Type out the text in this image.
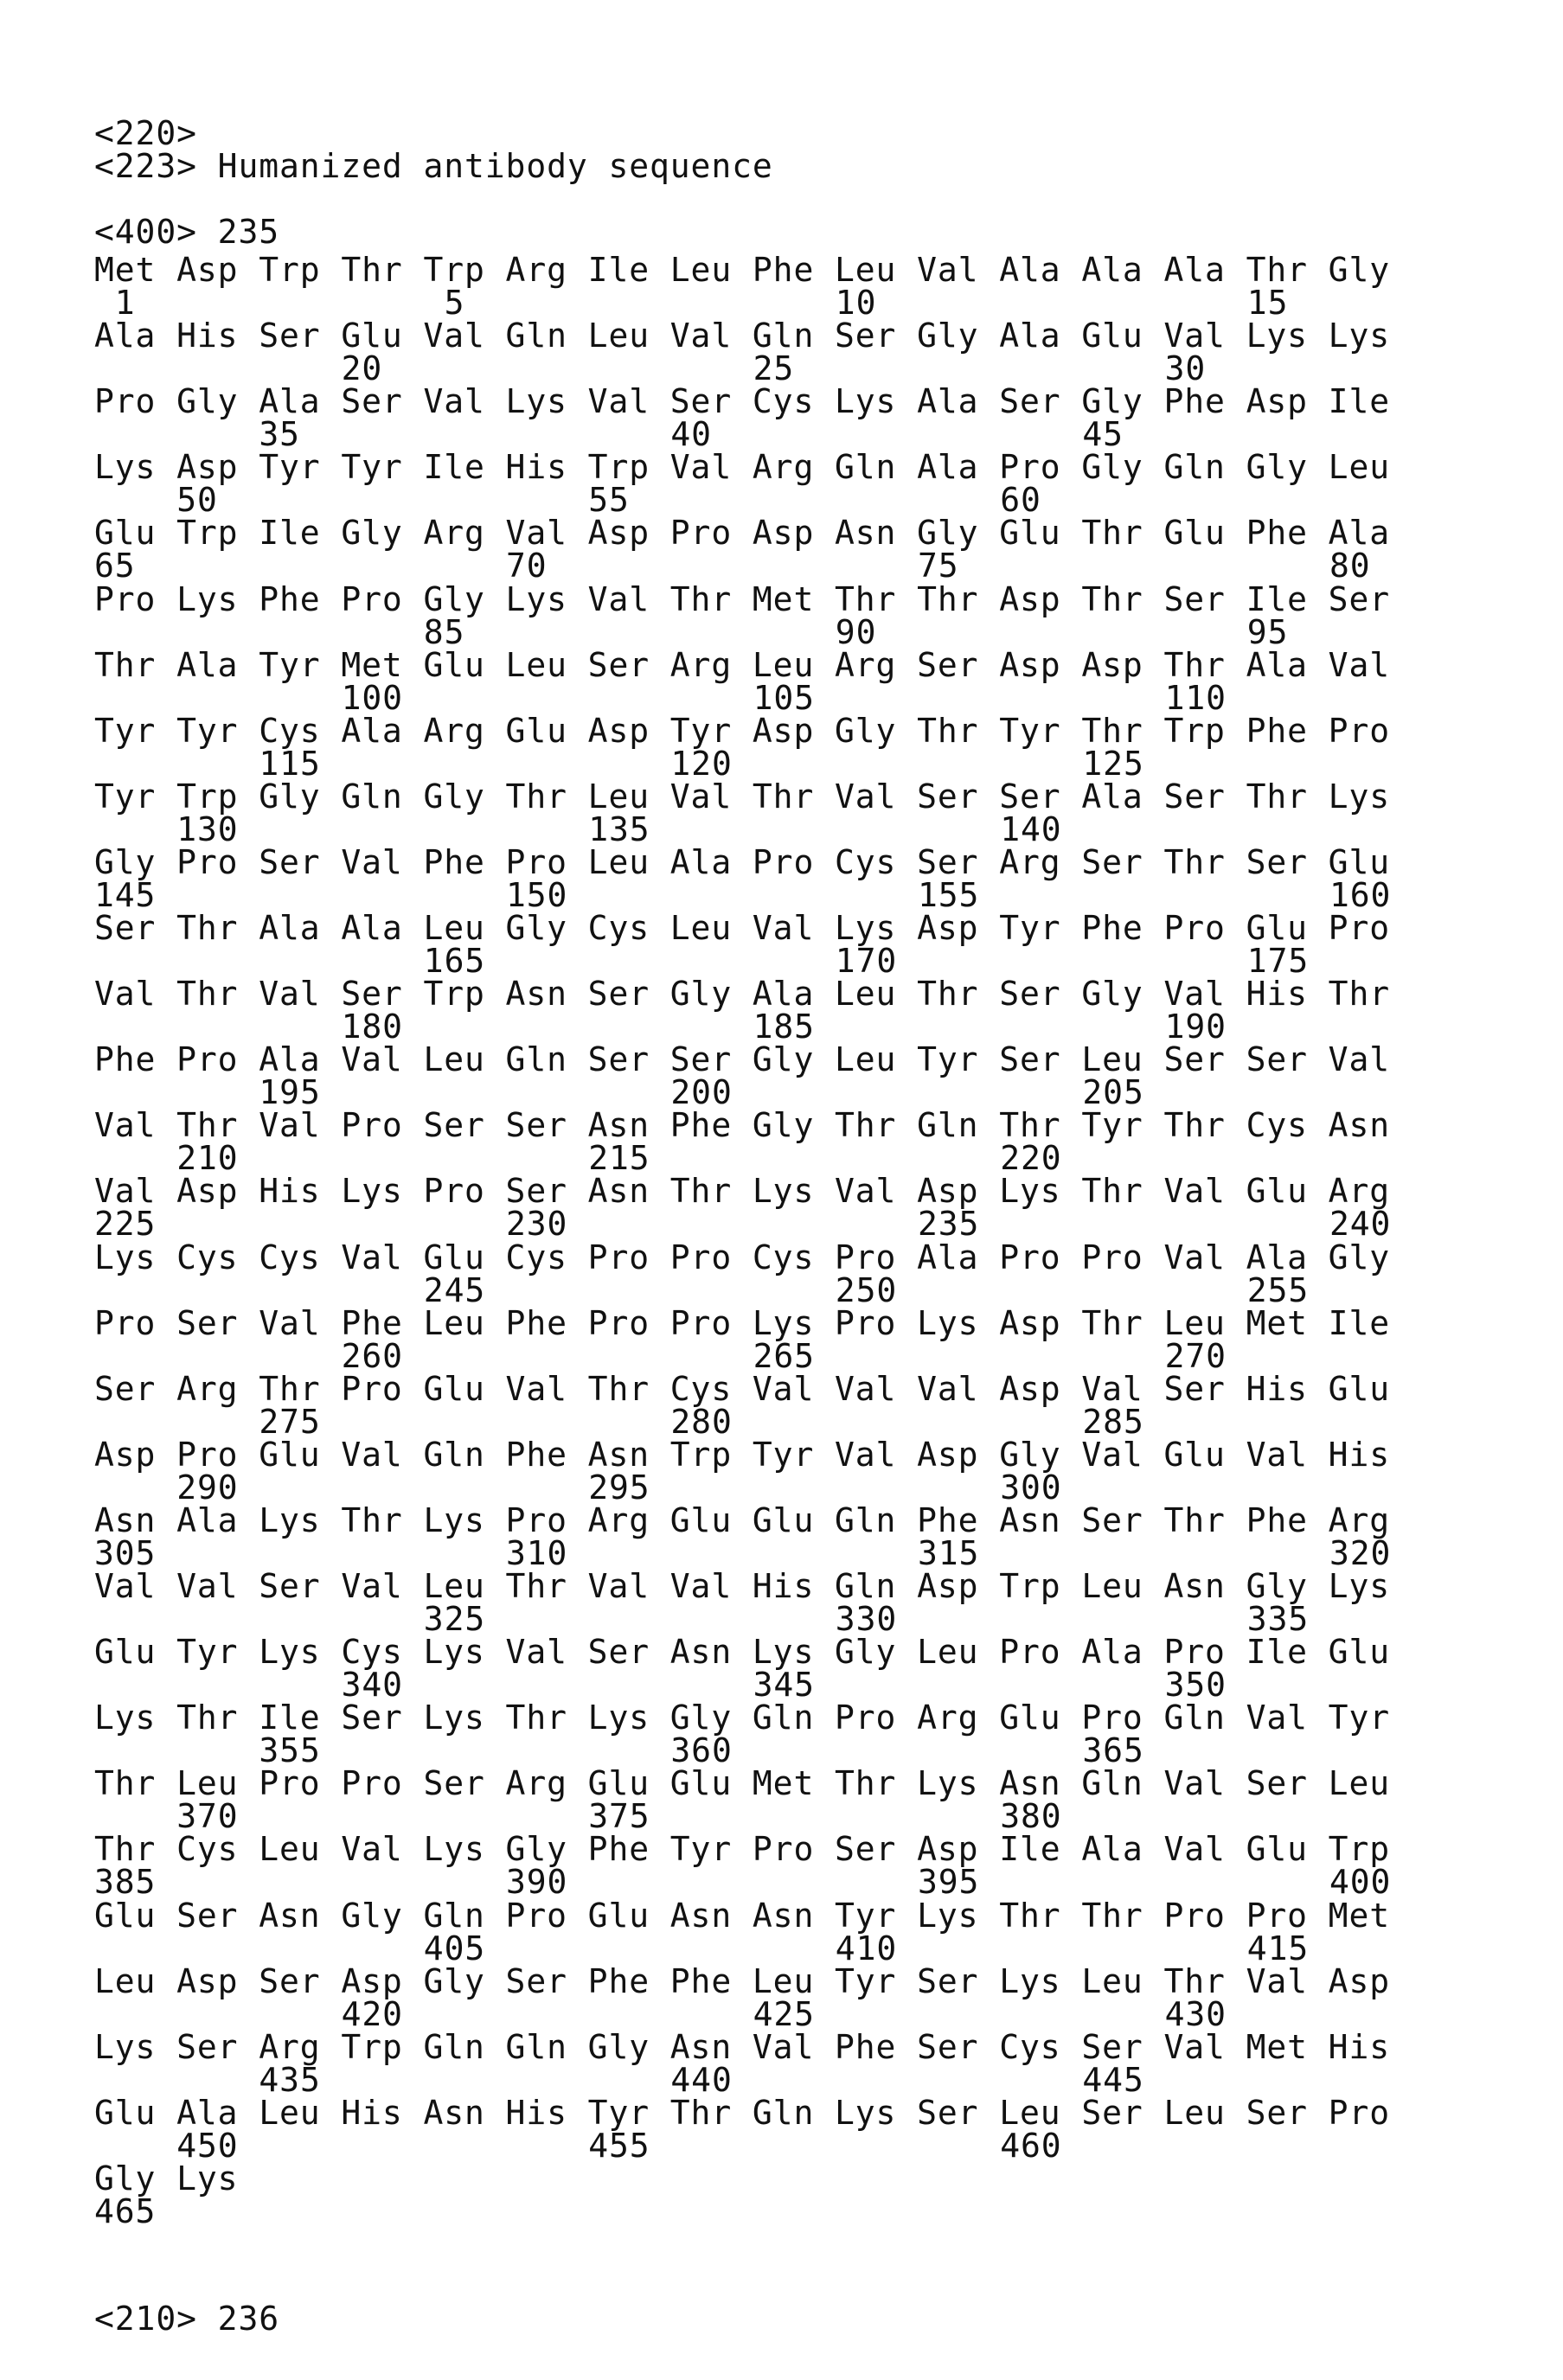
<220>
<223> Humanized antibody sequence
<400> 235
Met Asp Trp Thr Trp Arg Ile Leu Phe Leu Val Ala Ala Ala Thr Gly
1	5	10	15
Ala His Ser Glu Val Gln Leu Val Gln Ser Gly Ala Glu Val Lys Lys
20	25	30
Pro Gly Ala Ser Val Lys Val Ser Cys Lys Ala Ser Gly Phe Asp Ile
35	40	45
Lys Asp Tyr Tyr Ile His Trp Val Arg Gln Ala Pro Gly Gln Gly Leu
50	55	60
Glu Trp Ile Gly Arg Val Asp Pro Asp Asn Gly Glu Thr Glu Phe Ala
65	70	75	80
Pro Lys Phe Pro Gly Lys Val Thr Met Thr Thr Asp Thr Ser Ile Ser
85	90	95
Thr Ala Tyr Met Glu Leu Ser Arg Leu Arg Ser Asp Asp Thr Ala Val
100	105	110
Tyr Tyr Cys Ala Arg Glu Asp Tyr Asp Gly Thr Tyr Thr Trp Phe Pro
115	120	125
Tyr Trp Gly Gln Gly Thr Leu Val Thr Val Ser Ser Ala Ser Thr Lys
130	135	140
Gly Pro Ser Val Phe Pro Leu Ala Pro Cys Ser Arg Ser Thr Ser Glu
145	150	155	160
Ser Thr Ala Ala Leu Gly Cys Leu Val Lys Asp Tyr Phe Pro Glu Pro
165	170	175
Val Thr Val Ser Trp Asn Ser Gly Ala Leu Thr Ser Gly Val His Thr
180	185	190
Phe Pro Ala Val Leu Gln Ser Ser Gly Leu Tyr Ser Leu Ser Ser Val
195	200	205
Val Thr Val Pro Ser Ser Asn Phe Gly Thr Gln Thr Tyr Thr Cys Asn
210	215	220
Val Asp His Lys Pro Ser Asn Thr Lys Val Asp Lys Thr Val Glu Arg
225	230	235	240
Lys Cys Cys Val Glu Cys Pro Pro Cys Pro Ala Pro Pro Val Ala Gly
245	250	255
Pro Ser Val Phe Leu Phe Pro Pro Lys Pro Lys Asp Thr Leu Met Ile
260	265	270
Ser Arg Thr Pro Glu Val Thr Cys Val Val Val Asp Val Ser His Glu
275	280	285
Asp Pro Glu Val Gln Phe Asn Trp Tyr Val Asp Gly Val Glu Val His
290	295	300
Asn Ala Lys Thr Lys Pro Arg Glu Glu Gln Phe Asn Ser Thr Phe Arg
305	310	315	320
Val Val Ser Val Leu Thr Val Val His Gln Asp Trp Leu Asn Gly Lys
325	330	335
Glu Tyr Lys Cys Lys Val Ser Asn Lys Gly Leu Pro Ala Pro Ile Glu
340	345	350
Lys Thr Ile Ser Lys Thr Lys Gly Gln Pro Arg Glu Pro Gln Val Tyr
355	360	365
Thr Leu Pro Pro Ser Arg Glu Glu Met Thr Lys Asn Gln Val Ser Leu
370	375	380
Thr Cys Leu Val Lys Gly Phe Tyr Pro Ser Asp Ile Ala Val Glu Trp
385	390	395	400
Glu Ser Asn Gly Gln Pro Glu Asn Asn Tyr Lys Thr Thr Pro Pro Met
405	410	415
Leu Asp Ser Asp Gly Ser Phe Phe Leu Tyr Ser Lys Leu Thr Val Asp
420	425	430
Lys Ser Arg Trp Gln Gln Gly Asn Val Phe Ser Cys Ser Val Met His
435	440	445
Glu Ala Leu His Asn His Tyr Thr Gln Lys Ser Leu Ser Leu Ser Pro
450	455	460
Gly Lys
465
<210> 236
